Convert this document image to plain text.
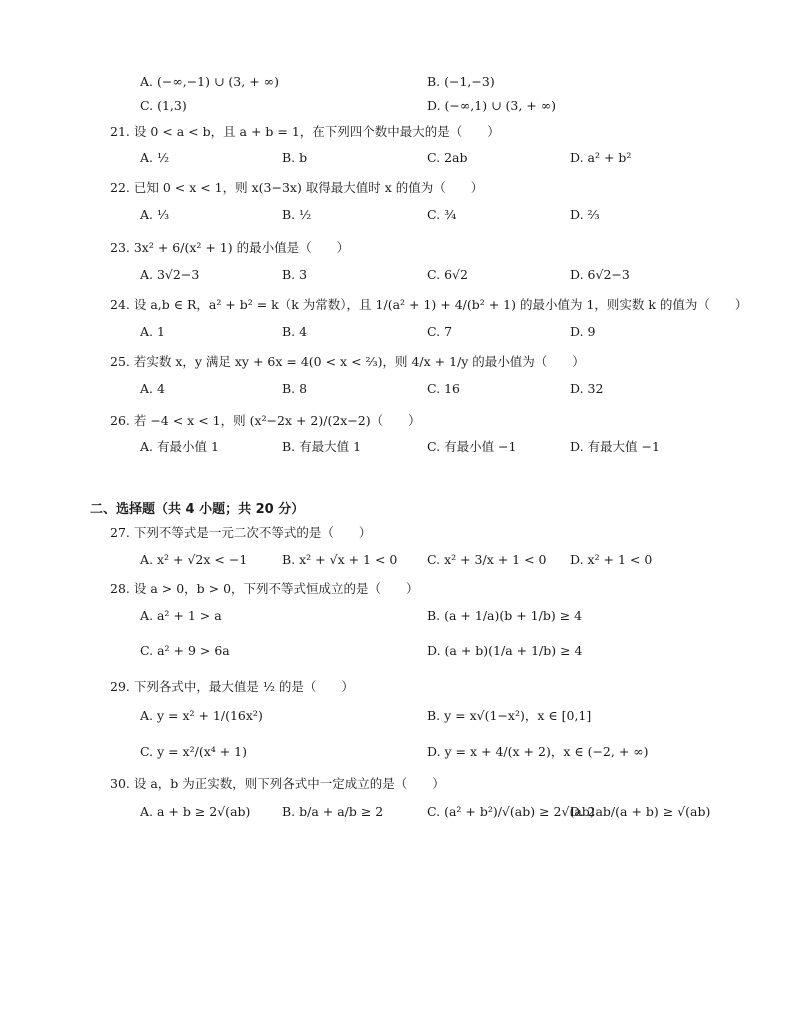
A. (−∞,−1) ∪ (3, + ∞)	B. (−1,−3)
C. (1,3)	D. (−∞,1) ∪ (3, + ∞)
21. 设 0 < a < b，且 a + b = 1，在下列四个数中最大的是（　　）
A. ½	B. b	C. 2ab	D. a² + b²
22. 已知 0 < x < 1，则 x(3−3x) 取得最大值时 x 的值为（　　）
A. ⅓	B. ½	C. ¾	D. ⅔
23. 3x² + 6/(x² + 1) 的最小值是（　　）
A. 3√2−3	B. 3	C. 6√2	D. 6√2−3
24. 设 a,b ∈ R，a² + b² = k（k 为常数），且 1/(a² + 1) + 4/(b² + 1) 的最小值为 1，则实数 k 的值为（　　）
A. 1	B. 4	C. 7	D. 9
25. 若实数 x，y 满足 xy + 6x = 4(0 < x < ⅔)，则 4/x + 1/y 的最小值为（　　）
A. 4	B. 8	C. 16	D. 32
26. 若 −4 < x < 1，则 (x²−2x + 2)/(2x−2)（　　）
A. 有最小值 1	B. 有最大值 1	C. 有最小值 −1	D. 有最大值 −1
二、选择题（共 4 小题；共 20 分）
27. 下列不等式是一元二次不等式的是（　　）
A. x² + √2x < −1	B. x² + √x + 1 < 0 C. x² + 3/x + 1 < 0 D. x² + 1 < 0
28. 设 a > 0，b > 0，下列不等式恒成立的是（　　）
A. a² + 1 > a	B. (a + 1/a)(b + 1/b) ≥ 4
C. a² + 9 > 6a	D. (a + b)(1/a + 1/b) ≥ 4
29. 下列各式中，最大值是 ½ 的是（　　）
A. y = x² + 1/(16x²)	B. y = x√(1−x²)，x ∈ [0,1]
C. y = x²/(x⁴ + 1)	D. y = x + 4/(x + 2)，x ∈ (−2, + ∞)
30. 设 a，b 为正实数，则下列各式中一定成立的是（　　）
A. a + b ≥ 2√(ab)	B. b/a + a/b ≥ 2	C. (a² + b²)/√(ab) ≥ 2√(ab)
D. 2ab/(a + b) ≥ √(ab)
